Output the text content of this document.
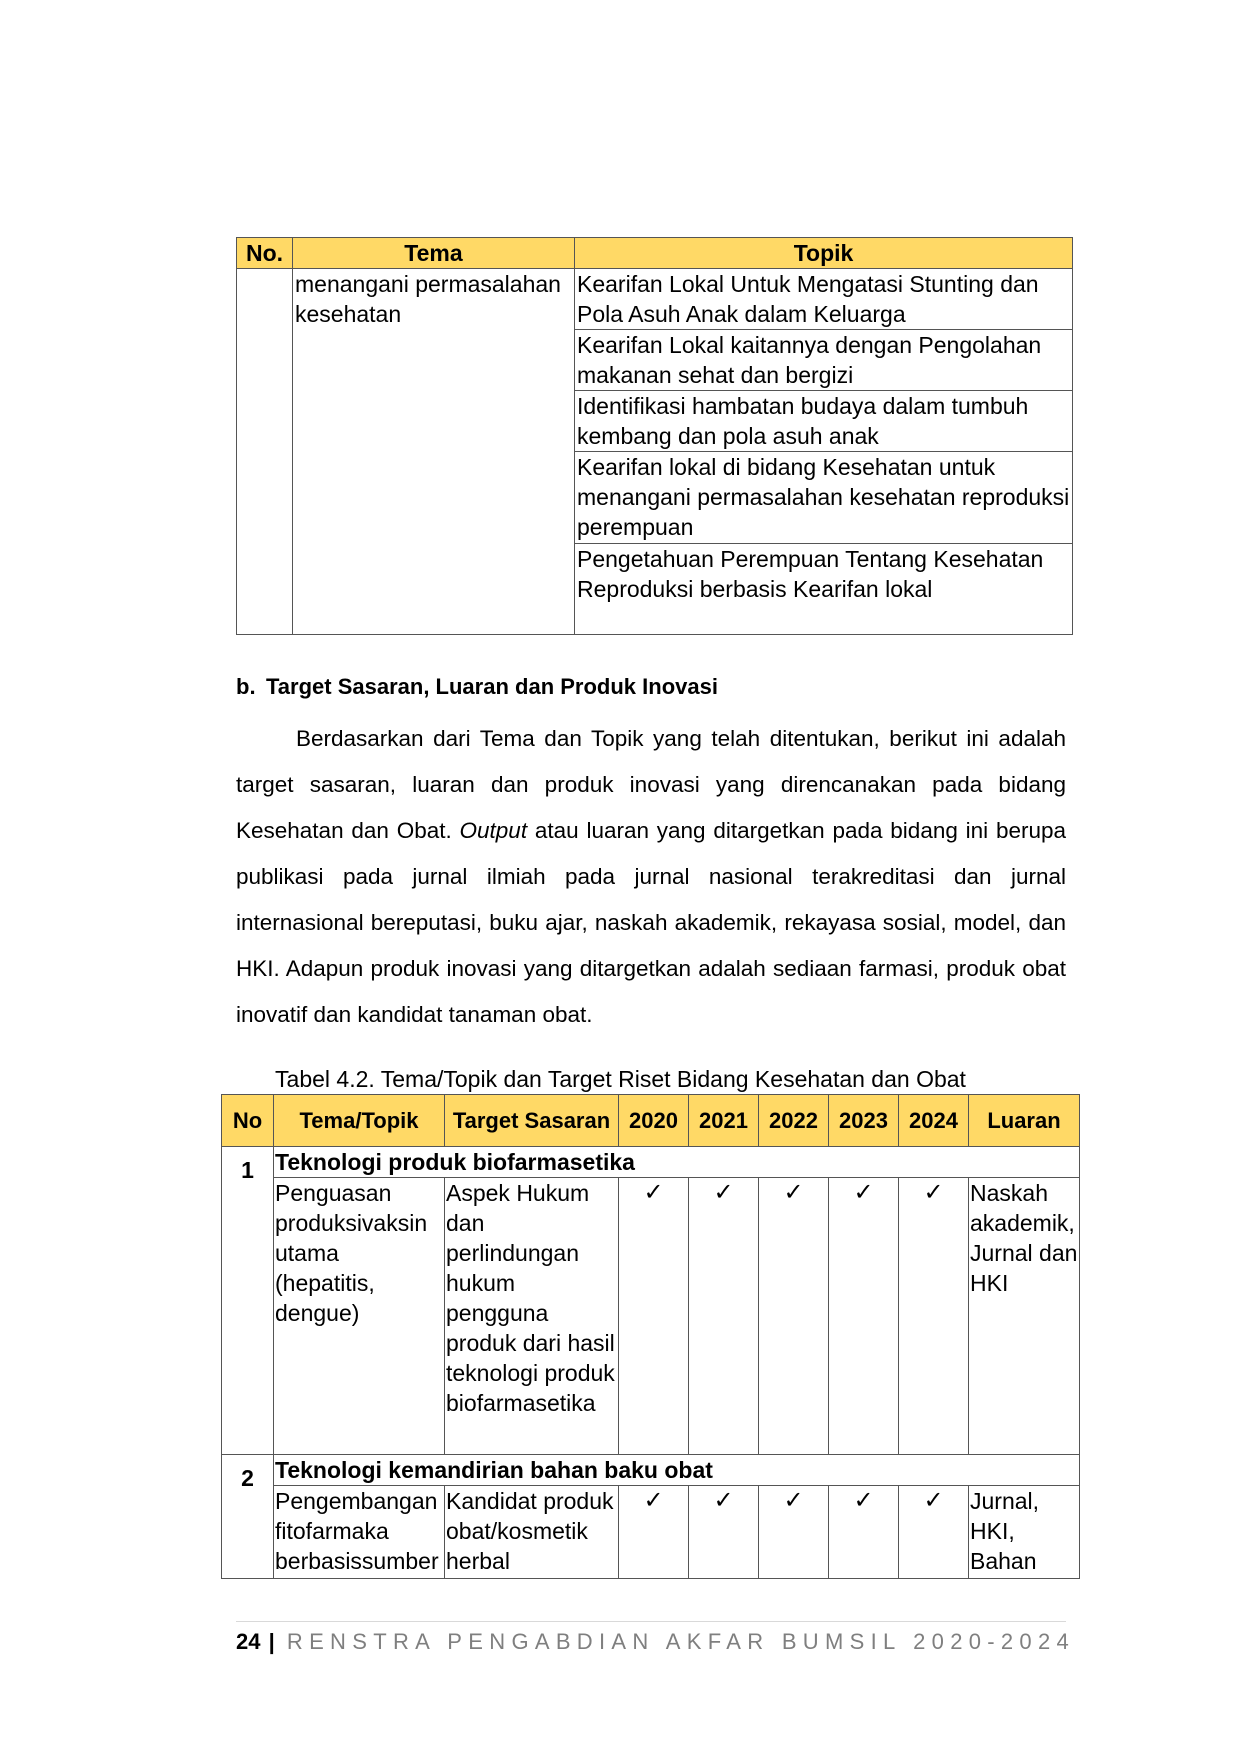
No.	Tema	Topik
	menangani permasalahan kesehatan	Kearifan Lokal Untuk Mengatasi Stunting dan Pola Asuh Anak dalam Keluarga
		Kearifan Lokal kaitannya dengan Pengolahan makanan sehat dan bergizi
		Identifikasi hambatan budaya dalam tumbuh kembang dan pola asuh anak
		Kearifan lokal di bidang Kesehatan untuk menangani permasalahan kesehatan reproduksi perempuan
		Pengetahuan Perempuan Tentang Kesehatan Reproduksi berbasis Kearifan lokal
b. Target Sasaran, Luaran dan Produk Inovasi
Berdasarkan dari Tema dan Topik yang telah ditentukan, berikut ini adalah target sasaran, luaran dan produk inovasi yang direncanakan pada bidang Kesehatan dan Obat. Output atau luaran yang ditargetkan pada bidang ini berupa publikasi pada jurnal ilmiah pada jurnal nasional terakreditasi dan jurnal internasional bereputasi, buku ajar, naskah akademik, rekayasa sosial, model, dan HKI. Adapun produk inovasi yang ditargetkan adalah sediaan farmasi, produk obat inovatif dan kandidat tanaman obat.
Tabel 4.2. Tema/Topik dan Target Riset Bidang Kesehatan dan Obat
No	Tema/Topik	Target Sasaran	2020	2021	2022	2023	2024	Luaran
1	Teknologi produk biofarmasetika							
	Penguasan produksivaksin utama (hepatitis, dengue)	Aspek Hukum dan perlindungan hukum pengguna produk dari hasil teknologi produk biofarmasetika	✓	✓	✓	✓	✓	Naskah akademik, Jurnal dan HKI
2	Teknologi kemandirian bahan baku obat							
	Pengembangan fitofarmaka berbasissumber	Kandidat produk obat/kosmetik herbal	✓	✓	✓	✓	✓	Jurnal, HKI, Bahan
24 | RENSTRA PENGABDIAN AKFAR BUMSIL 2020-2024
